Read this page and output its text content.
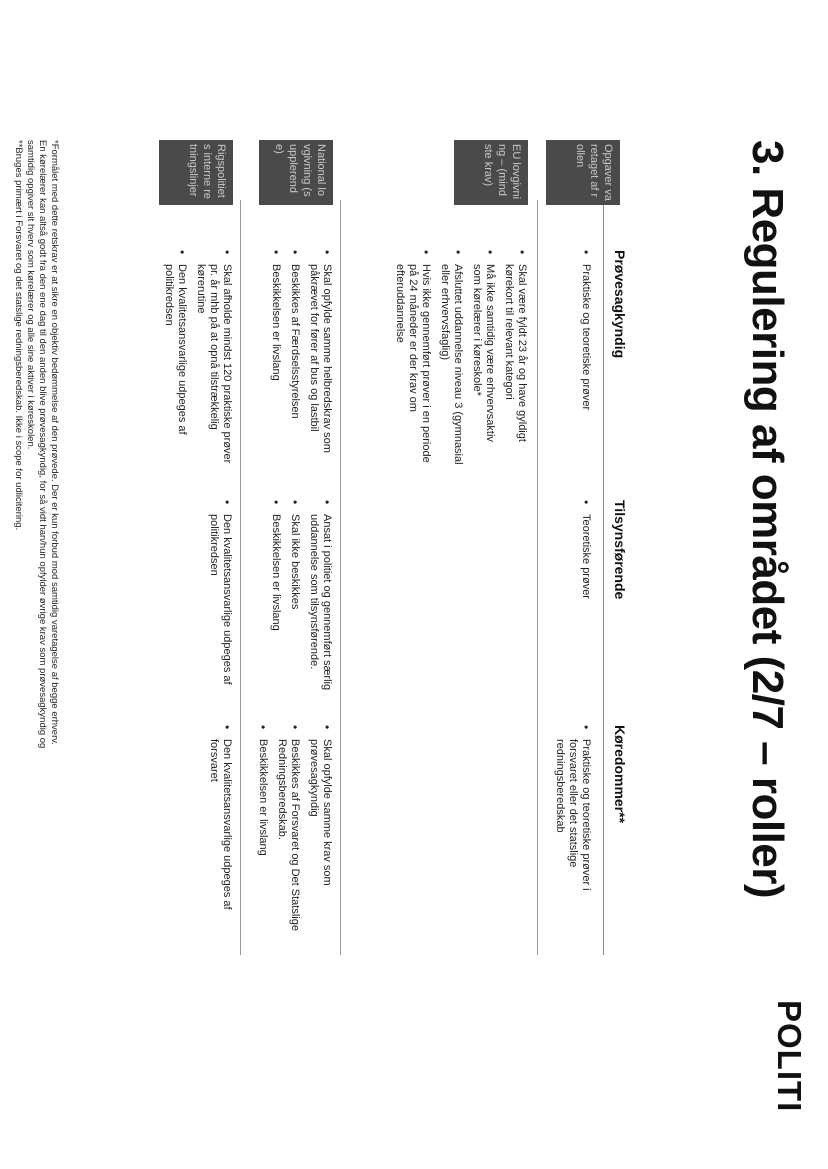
3. Regulering af området (2/7 – roller)
POLITI
Prøvesagkyndig
Tilsynsførende
Køredommer**
Opgaver varetaget af rollen
• Praktiske og teoretiske prøver
• Teoretiske prøver
• Praktiske og teoretiske prøver i forsvaret eller det statslige redningsberedskab
EU lovgivning – (mindste krav)
• Skal være fyldt 23 år og have gyldigt kørekort til relevant kategori
• Må ikke samtidig være erhvervsaktiv som kørelærer i køreskole*
• Afsluttet uddannelse niveau 3 (gymnasial eller erhvervsfaglig)
• Hvis ikke gennemført prøver i en periode på 24 måneder er der krav om efteruddannelse
National lovgivning (supplerende)
• Skal opfylde samme helbredskrav som påkrævet for fører af bus og lastbil
• Beskikkes af Færdselsstyrelsen
• Beskikkelsen er livslang
• Ansat i politiet og gennemført særlig uddannelse som tilsynsførende.
• Skal ikke beskikkes
• Beskikkelsen er livslang
• Skal opfylde samme krav som prøvesagkyndig
• Beskikkes af Forsvaret og Det Statslige Redningsberedskab.
• Beskikkelsen er livslang
Rigspolitiets interne retningslinjer
• Skal afholde mindst 120 praktiske prøver pr. år mhb på at opnå tilstrækkelig kørerutine
• Den kvalitetsansvarlige udpeges af politikredsen
• Den kvalitetsansvarlige udpeges af politikredsen
• Den kvalitetsansvarlige udpeges af forsvaret
*Formålet med dette retskrav er at sikre en objektiv bedømmelse af den prøvede. Der er kun forbud mod samtidig varetagelse af begge erhverv.
En kørelærer kan altså godt fra den ene dag til den anden blive prøvesagkyndig, for så vidt han/hun opfylder øvrige krav som prøvesagkyndig og
samtidig opgiver sit hverv som kørelærer og alle sine aktiver i køreskolen.
**Bruges primært i Forsvaret og det statslige redningsberedskab. Ikke i scope for udlicitering.
